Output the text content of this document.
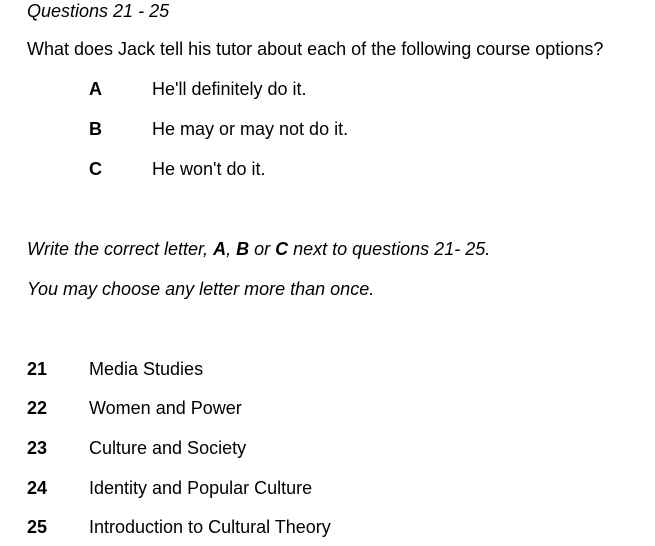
Questions 21 - 25
What does Jack tell his tutor about each of the following course options?
A	He'll definitely do it.
B	He may or may not do it.
C	He won't do it.
Write the correct letter, A, B or C next to questions 21- 25.
You may choose any letter more than once.
21 Media Studies
22 Women and Power
23 Culture and Society
24 Identity and Popular Culture
25 Introduction to Cultural Theory
